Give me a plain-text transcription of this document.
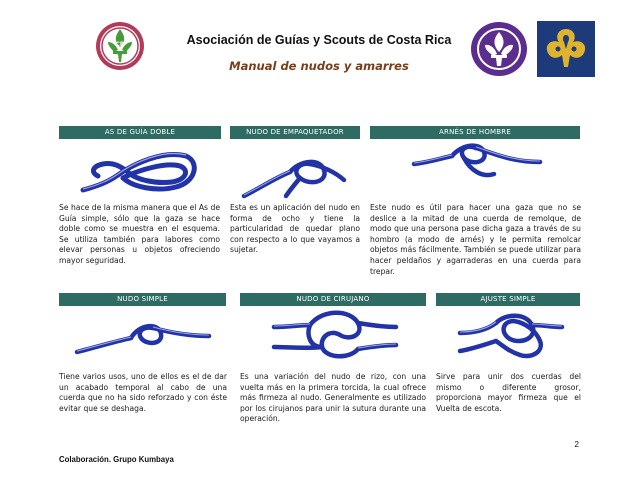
CR	Asociación de Guías y Scouts de Costa Rica
Manual de nudos y amarres
AS DE GUÍA DOBLE	NUDO DE EMPAQUETADOR	ARNÉS DE HOMBRE
Se hace de la misma manera que el As de Guía simple, sólo que la gaza se hace doble como se muestra en el esquema. Se utiliza también para labores como elevar personas u objetos ofreciendo mayor seguridad.
Esta es un aplicación del nudo en forma de ocho y tiene la particularidad de quedar plano con respecto a lo que vayamos a sujetar.
Este nudo es útil para hacer una gaza que no se deslice a la mitad de una cuerda de remolque, de modo que una persona pase dicha gaza a través de su hombro (a modo de arnés) y le permita remolcar objetos más fácilmente. También se puede utilizar para hacer peldaños y agarraderas en una cuerda para trepar.
NUDO SIMPLE	NUDO DE CIRUJANO	AJUSTE SIMPLE
Tiene varios usos, uno de ellos es el de dar un acabado temporal al cabo de una cuerda que no ha sido reforzado y con éste evitar que se deshaga.
Es una variación del nudo de rizo, con una vuelta más en la primera torcida, la cual ofrece más firmeza al nudo. Generalmente es utilizado por los cirujanos para unir la sutura durante una operación.
Sirve para unir dos cuerdas del mismo o diferente grosor, proporciona mayor firmeza que el Vuelta de escota.
2
Colaboración. Grupo Kumbaya
